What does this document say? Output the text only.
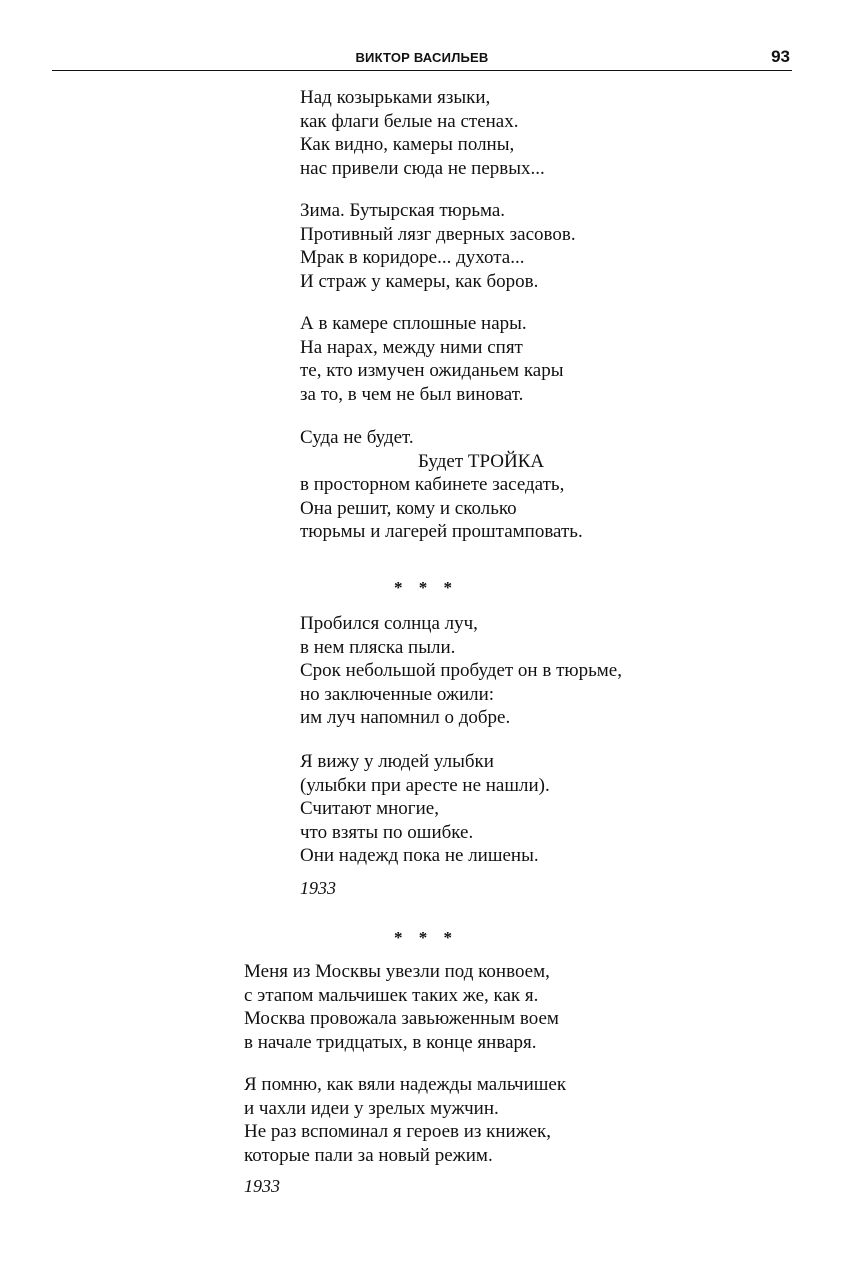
ВИКТОР ВАСИЛЬЕВ	93
Над козырьками языки,
как флаги белые на стенах.
Как видно, камеры полны,
нас привели сюда не первых...
Зима. Бутырская тюрьма.
Противный лязг дверных засовов.
Мрак в коридоре... духота...
И страж у камеры, как боров.
А в камере сплошные нары.
На нарах, между ними спят
те, кто измучен ожиданьем кары
за то, в чем не был виноват.
Суда не будет.
Будет ТРОЙКА
в просторном кабинете заседать,
Она решит, кому и сколько
тюрьмы и лагерей проштамповать.
* * *
Пробился солнца луч,
в нем пляска пыли.
Срок небольшой пробудет он в тюрьме,
но заключенные ожили:
им луч напомнил о добре.
Я вижу у людей улыбки
(улыбки при аресте не нашли).
Считают многие,
что взяты по ошибке.
Они надежд пока не лишены.
1933
* * *
Меня из Москвы увезли под конвоем,
с этапом мальчишек таких же, как я.
Москва провожала завьюженным воем
в начале тридцатых, в конце января.
Я помню, как вяли надежды мальчишек
и чахли идеи у зрелых мужчин.
Не раз вспоминал я героев из книжек,
которые пали за новый режим.
1933
